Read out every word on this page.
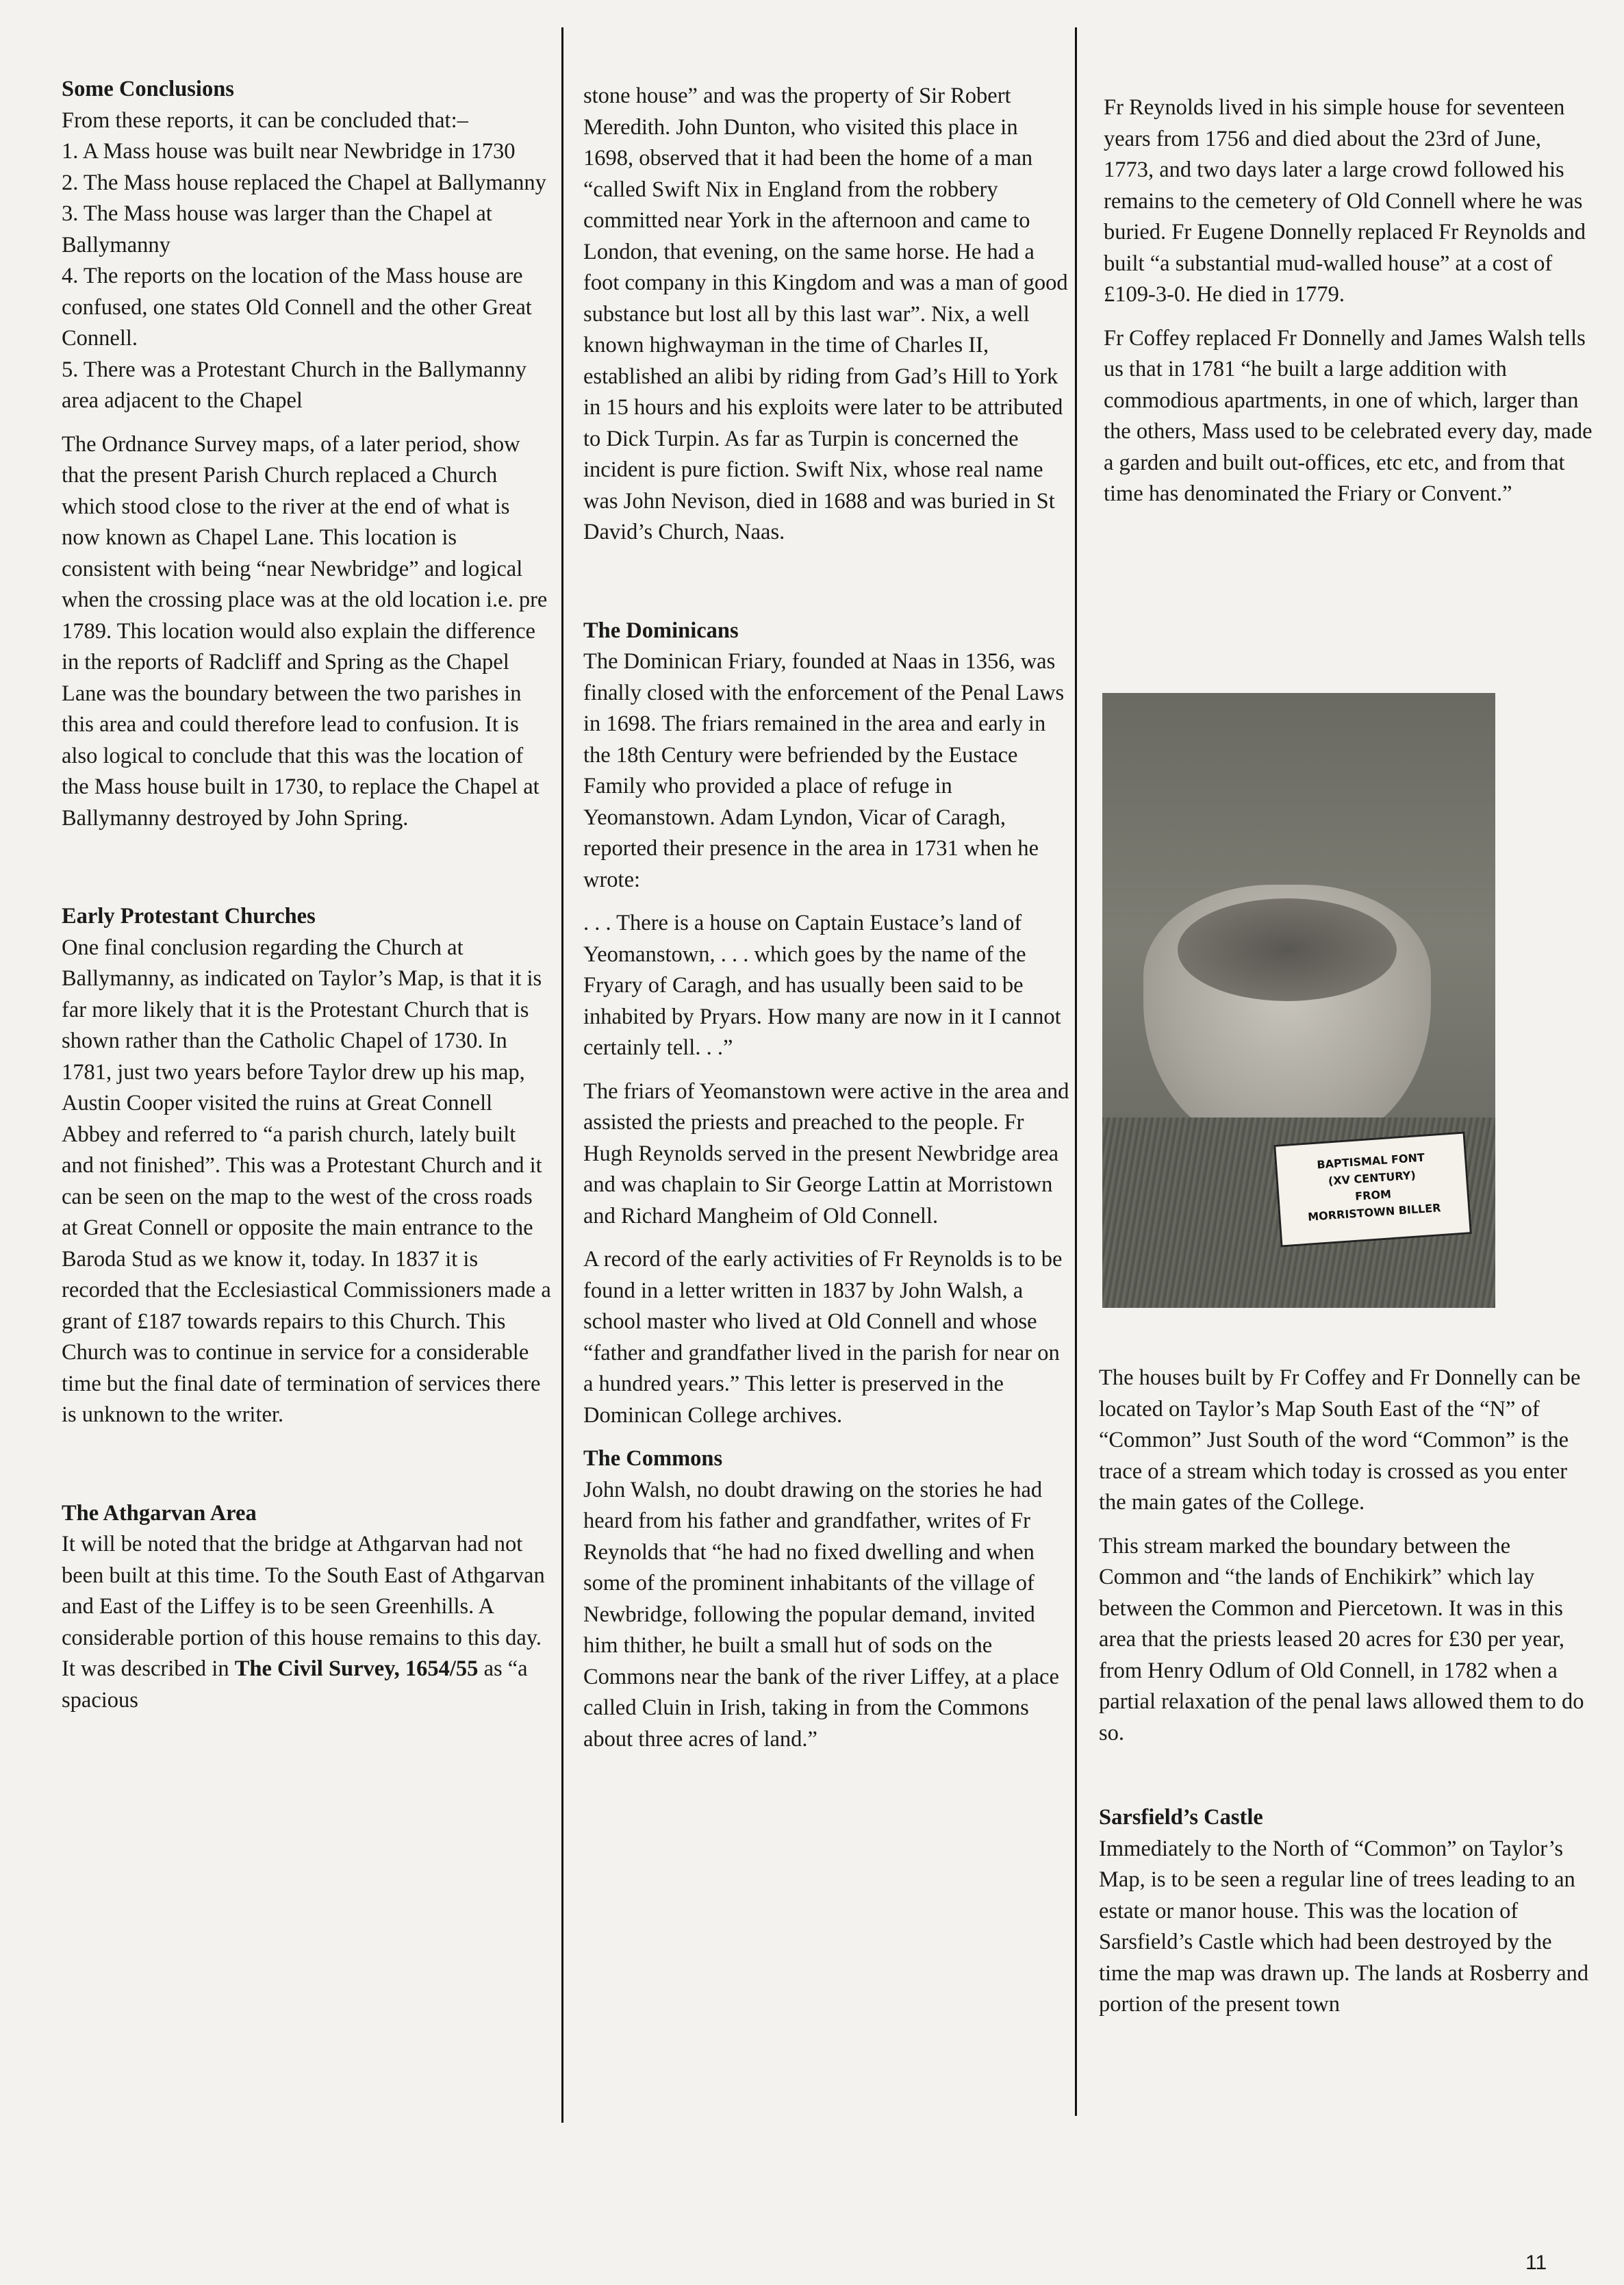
Some Conclusions

From these reports, it can be concluded that:–

1. A Mass house was built near Newbridge in 1730
2. The Mass house replaced the Chapel at Ballymanny
3. The Mass house was larger than the Chapel at Ballymanny
4. The reports on the location of the Mass house are confused, one states Old Connell and the other Great Connell.
5. There was a Protestant Church in the Ballymanny area adjacent to the Chapel

The Ordnance Survey maps, of a later period, show that the present Parish Church replaced a Church which stood close to the river at the end of what is now known as Chapel Lane. This location is consistent with being “near Newbridge” and logical when the crossing place was at the old location i.e. pre 1789. This location would also explain the difference in the reports of Radcliff and Spring as the Chapel Lane was the boundary between the two parishes in this area and could therefore lead to confusion. It is also logical to conclude that this was the location of the Mass house built in 1730, to replace the Chapel at Ballymanny destroyed by John Spring.

Early Protestant Churches

One final conclusion regarding the Church at Ballymanny, as indicated on Taylor’s Map, is that it is far more likely that it is the Protestant Church that is shown rather than the Catholic Chapel of 1730. In 1781, just two years before Taylor drew up his map, Austin Cooper visited the ruins at Great Connell Abbey and referred to “a parish church, lately built and not finished”. This was a Protestant Church and it can be seen on the map to the west of the cross roads at Great Connell or opposite the main entrance to the Baroda Stud as we know it, today. In 1837 it is recorded that the Ecclesiastical Commissioners made a grant of £187 towards repairs to this Church. This Church was to continue in service for a considerable time but the final date of termination of services there is unknown to the writer.

The Athgarvan Area

It will be noted that the bridge at Athgarvan had not been built at this time. To the South East of Athgarvan and East of the Liffey is to be seen Greenhills. A considerable portion of this house remains to this day. It was described in The Civil Survey, 1654/55 as “a spacious

stone house” and was the property of Sir Robert Meredith. John Dunton, who visited this place in 1698, observed that it had been the home of a man “called Swift Nix in England from the robbery committed near York in the afternoon and came to London, that evening, on the same horse. He had a foot company in this Kingdom and was a man of good substance but lost all by this last war”. Nix, a well known highwayman in the time of Charles II, established an alibi by riding from Gad’s Hill to York in 15 hours and his exploits were later to be attributed to Dick Turpin. As far as Turpin is concerned the incident is pure fiction. Swift Nix, whose real name was John Nevison, died in 1688 and was buried in St David’s Church, Naas.

The Dominicans

The Dominican Friary, founded at Naas in 1356, was finally closed with the enforcement of the Penal Laws in 1698. The friars remained in the area and early in the 18th Century were befriended by the Eustace Family who provided a place of refuge in Yeomanstown. Adam Lyndon, Vicar of Caragh, reported their presence in the area in 1731 when he wrote:

. . . There is a house on Captain Eustace’s land of Yeomanstown, . . . which goes by the name of the Fryary of Caragh, and has usually been said to be inhabited by Pryars. How many are now in it I cannot certainly tell. . .”

The friars of Yeomanstown were active in the area and assisted the priests and preached to the people. Fr Hugh Reynolds served in the present Newbridge area and was chaplain to Sir George Lattin at Morristown and Richard Mangheim of Old Connell.

A record of the early activities of Fr Reynolds is to be found in a letter written in 1837 by John Walsh, a school master who lived at Old Connell and whose “father and grandfather lived in the parish for near on a hundred years.” This letter is preserved in the Dominican College archives.

The Commons

John Walsh, no doubt drawing on the stories he had heard from his father and grandfather, writes of Fr Reynolds that “he had no fixed dwelling and when some of the prominent inhabitants of the village of Newbridge, following the popular demand, invited him thither, he built a small hut of sods on the Commons near the bank of the river Liffey, at a place called Cluin in Irish, taking in from the Commons about three acres of land.”

Fr Reynolds lived in his simple house for seventeen years from 1756 and died about the 23rd of June, 1773, and two days later a large crowd followed his remains to the cemetery of Old Connell where he was buried. Fr Eugene Donnelly replaced Fr Reynolds and built “a substantial mud-walled house” at a cost of £109-3-0. He died in 1779.

Fr Coffey replaced Fr Donnelly and James Walsh tells us that in 1781 “he built a large addition with commodious apartments, in one of which, larger than the others, Mass used to be celebrated every day, made a garden and built out-offices, etc etc, and from that time has denominated the Friary or Convent.”

BAPTISMAL FONT
(XV CENTURY)
FROM
MORRISTOWN BILLER

The houses built by Fr Coffey and Fr Donnelly can be located on Taylor’s Map South East of the “N” of “Common” Just South of the word “Common” is the trace of a stream which today is crossed as you enter the main gates of the College.

This stream marked the boundary between the Common and “the lands of Enchikirk” which lay between the Common and Piercetown. It was in this area that the priests leased 20 acres for £30 per year, from Henry Odlum of Old Connell, in 1782 when a partial relaxation of the penal laws allowed them to do so.

Sarsfield’s Castle

Immediately to the North of “Common” on Taylor’s Map, is to be seen a regular line of trees leading to an estate or manor house. This was the location of Sarsfield’s Castle which had been destroyed by the time the map was drawn up. The lands at Rosberry and portion of the present town

11
